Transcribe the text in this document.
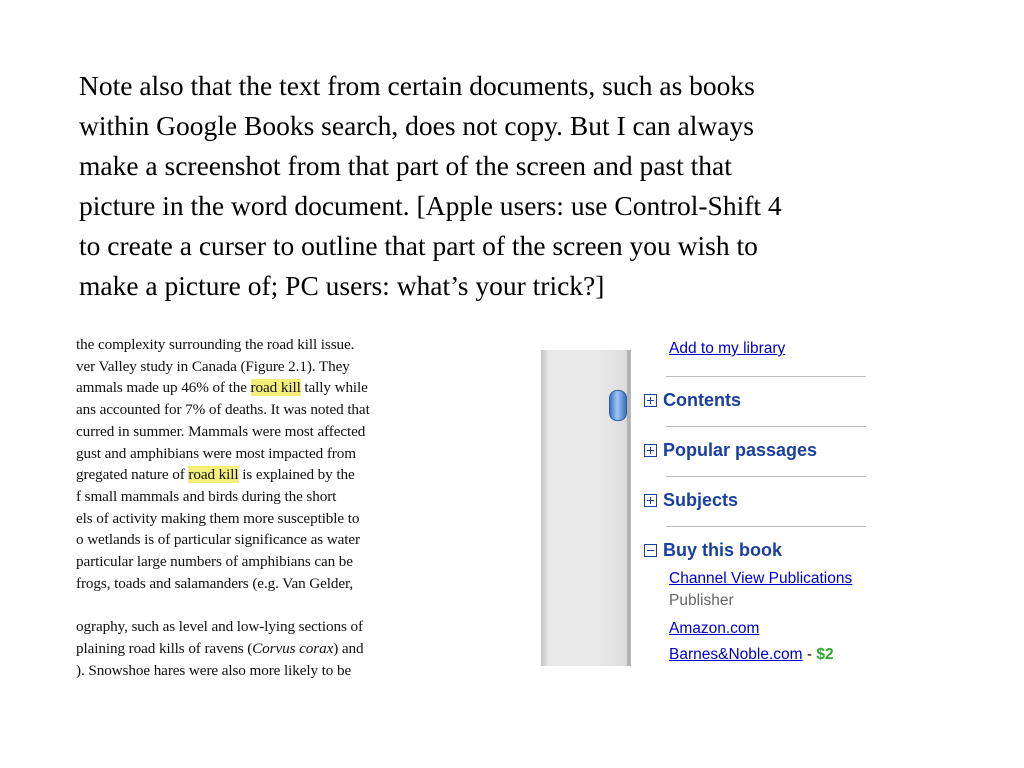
Note also that the text from certain documents, such as books
within Google Books search, does not copy. But I can always
make a screenshot from that part of the screen and past that
picture in the word document. [Apple users: use Control-Shift 4
to create a curser to outline that part of the screen you wish to
make a picture of; PC users: what’s your trick?]
the complexity surrounding the road kill issue.
ver Valley study in Canada (Figure 2.1). They
ammals made up 46% of the road kill tally while
ans accounted for 7% of deaths. It was noted that
curred in summer. Mammals were most affected
gust and amphibians were most impacted from
gregated nature of road kill is explained by the
f small mammals and birds during the short
els of activity making them more susceptible to
o wetlands is of particular significance as water
particular large numbers of amphibians can be
frogs, toads and salamanders (e.g. Van Gelder,
ography, such as level and low-lying sections of
plaining road kills of ravens (Corvus corax) and
). Snowshoe hares were also more likely to be
Add to my library
Contents
Popular passages
Subjects
Buy this book
Channel View Publications
Publisher
Amazon.com
Barnes&Noble.com - $2
